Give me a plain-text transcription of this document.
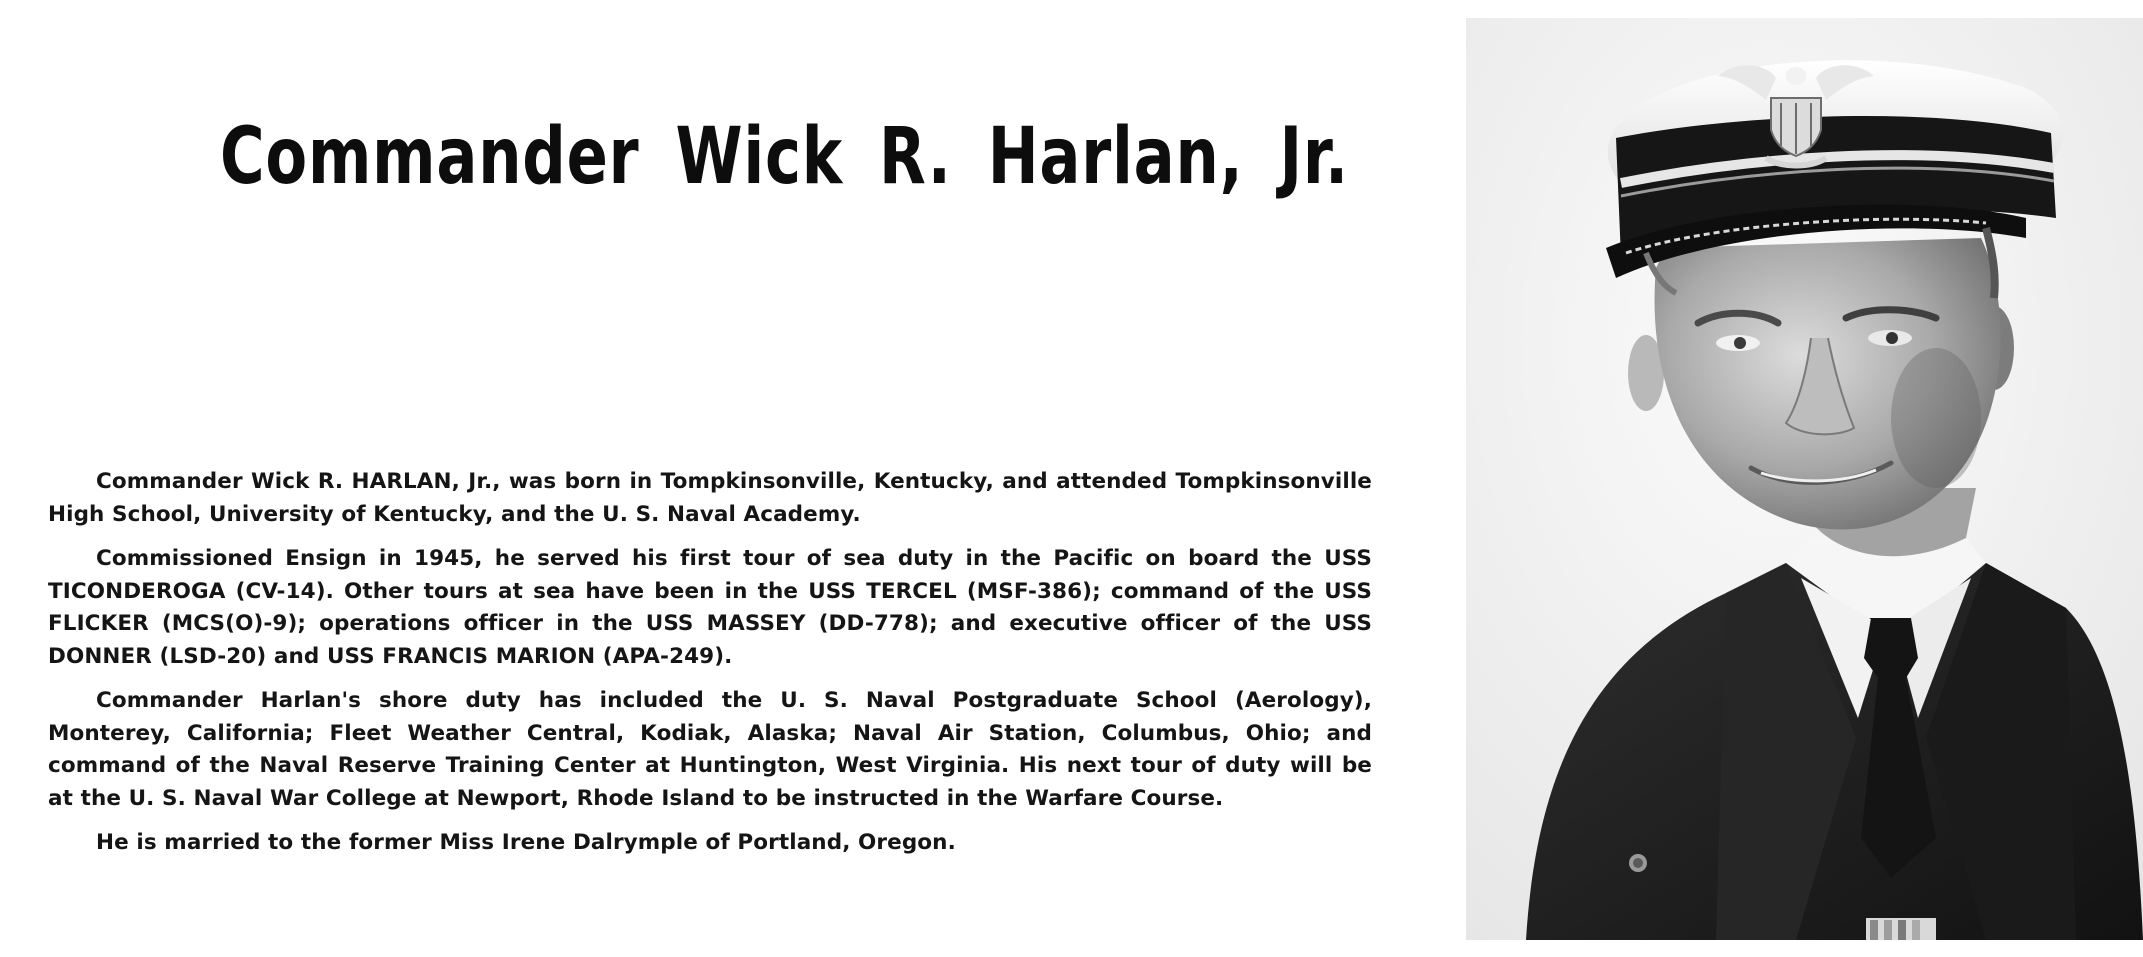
Commander Wick R. Harlan, Jr.

Commander Wick R. HARLAN, Jr., was born in Tompkinsonville, Kentucky, and attended Tompkinsonville High School, University of Kentucky, and the U. S. Naval Academy.

Commissioned Ensign in 1945, he served his first tour of sea duty in the Pacific on board the USS TICONDEROGA (CV-14). Other tours at sea have been in the USS TERCEL (MSF-386); command of the USS FLICKER (MCS(O)-9); operations officer in the USS MASSEY (DD-778); and executive officer of the USS DONNER (LSD-20) and USS FRANCIS MARION (APA-249).

Commander Harlan's shore duty has included the U. S. Naval Postgraduate School (Aerology), Monterey, California; Fleet Weather Central, Kodiak, Alaska; Naval Air Station, Columbus, Ohio; and command of the Naval Reserve Training Center at Huntington, West Virginia. His next tour of duty will be at the U. S. Naval War College at Newport, Rhode Island to be instructed in the Warfare Course.

He is married to the former Miss Irene Dalrymple of Portland, Oregon.
